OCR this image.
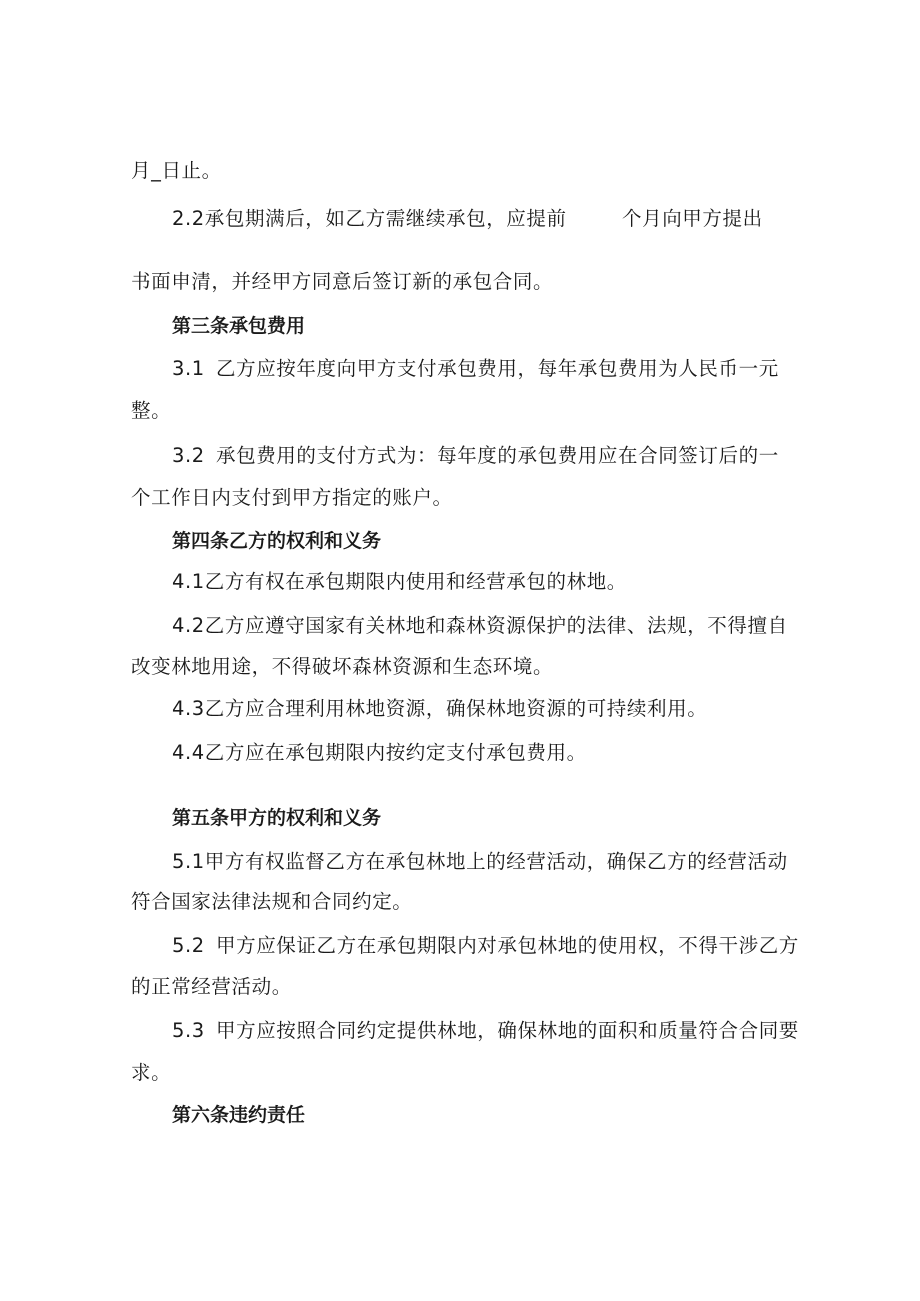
月_日止。
2.2承包期满后，如乙方需继续承包，应提前	个月向甲方提出
书面申清，并经甲方同意后签订新的承包合同。
第三条承包费用
3.1 乙方应按年度向甲方支付承包费用，每年承包费用为人民币一元
整。
3.2 承包费用的支付方式为：每年度的承包费用应在合同签订后的一
个工作日内支付到甲方指定的账户。
第四条乙方的权利和义务
4.1乙方有权在承包期限内使用和经营承包的林地。
4.2乙方应遵守国家有关林地和森林资源保护的法律、法规，不得擅自
改变林地用途，不得破坏森林资源和生态环境。
4.3乙方应合理利用林地资源，确保林地资源的可持续利用。
4.4乙方应在承包期限内按约定支付承包费用。
第五条甲方的权利和义务
5.1甲方有权监督乙方在承包林地上的经营活动，确保乙方的经营活动
符合国家法律法规和合同约定。
5.2 甲方应保证乙方在承包期限内对承包林地的使用权，不得干涉乙方
的正常经营活动。
5.3 甲方应按照合同约定提供林地，确保林地的面积和质量符合合同要
求。
第六条违约责任
